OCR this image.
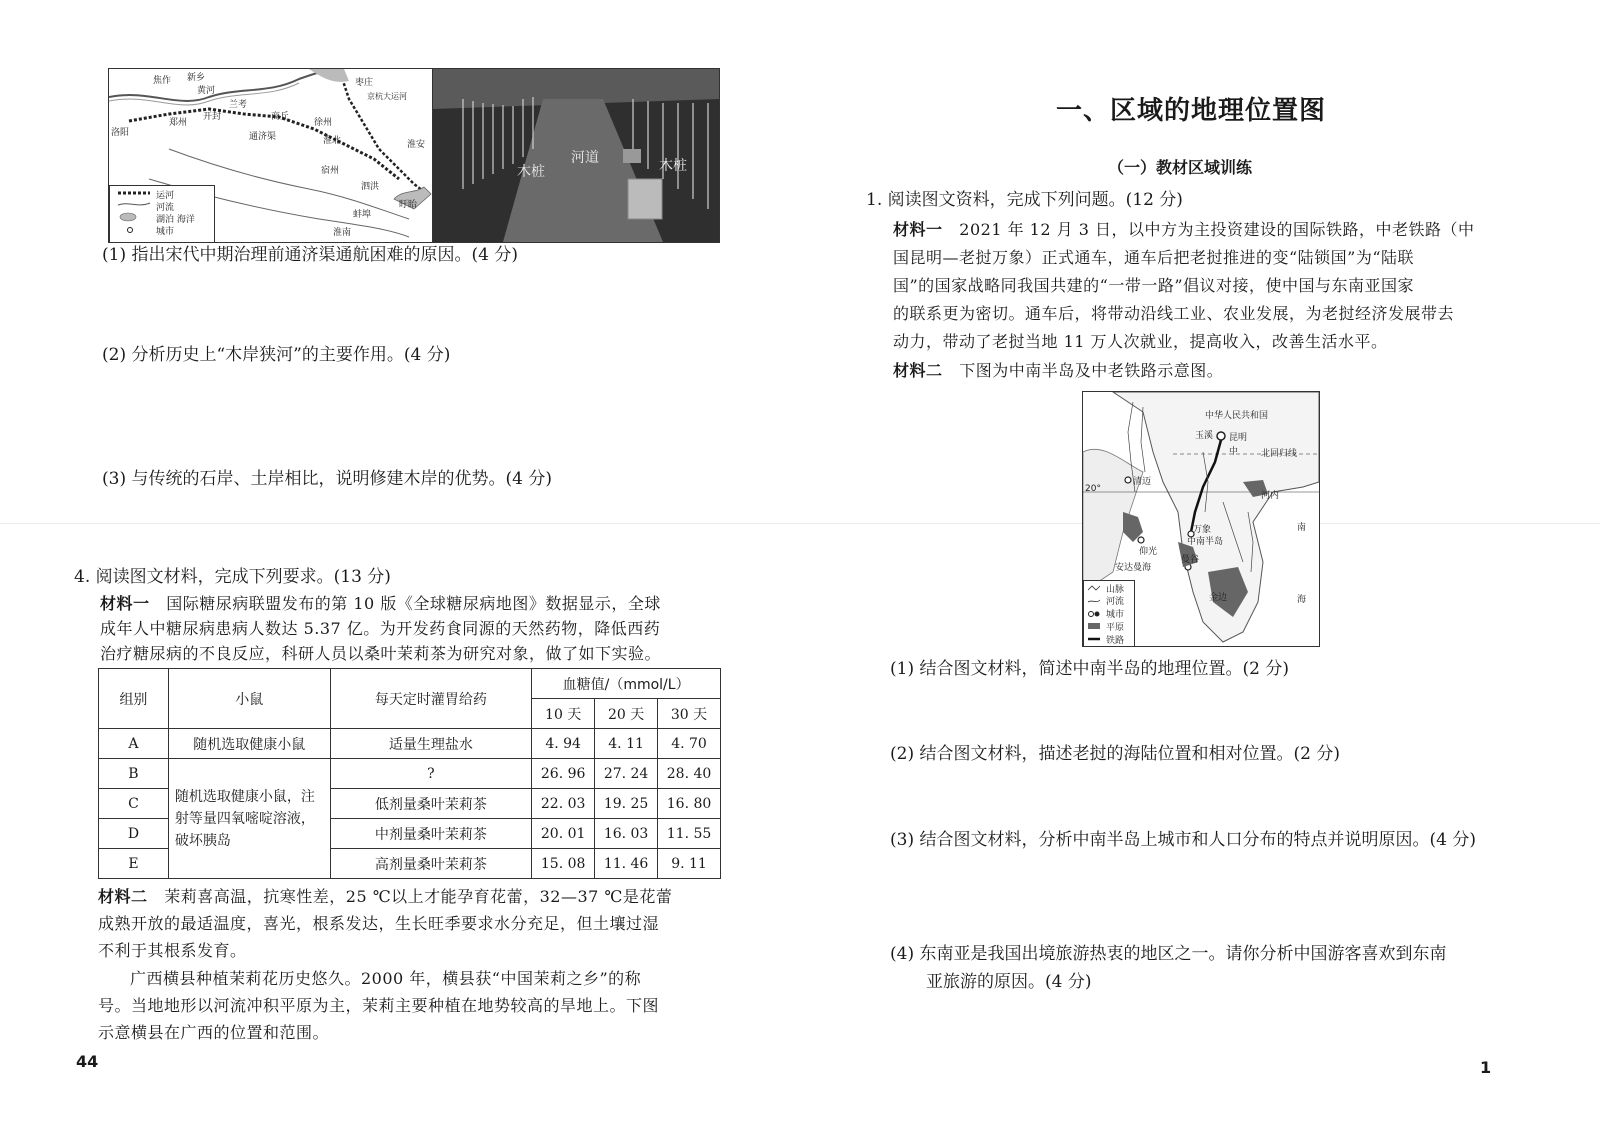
焦作 新乡
黄河
兰考
开封	商丘
徐州
郑州
洛阳
淮北
宿州
通济渠
京杭大运河
枣庄
淮安
泗洪
盱眙
蚌埠
淮南
运河
河流
湖泊 海洋
城市
木桩
河道	木桩
(1) 指出宋代中期治理前通济渠通航困难的原因。(4 分)
(2) 分析历史上“木岸狭河”的主要作用。(4 分)
(3) 与传统的石岸、土岸相比，说明修建木岸的优势。(4 分)
4. 阅读图文材料，完成下列要求。(13 分)
材料一 国际糖尿病联盟发布的第 10 版《全球糖尿病地图》数据显示，全球
成年人中糖尿病患病人数达 5.37 亿。为开发药食同源的天然药物，降低西药
治疗糖尿病的不良反应，科研人员以桑叶茉莉茶为研究对象，做了如下实验。
组别	小鼠	每天定时灌胃给药	血糖值/（mmol/L）		
			10 天	20 天	30 天
A	随机选取健康小鼠	适量生理盐水	4. 94	4. 11	4. 70
B	随机选取健康小鼠，注射等量四氧嘧啶溶液，破坏胰岛	?	26. 96	27. 24	28. 40
C		低剂量桑叶茉莉茶	22. 03	19. 25	16. 80
D		中剂量桑叶茉莉茶	20. 01	16. 03	11. 55
E		高剂量桑叶茉莉茶	15. 08	11. 46	9. 11
材料二 茉莉喜高温，抗寒性差，25 ℃以上才能孕育花蕾，32—37 ℃是花蕾
成熟开放的最适温度，喜光，根系发达，生长旺季要求水分充足，但土壤过湿
不利于其根系发育。
广西横县种植茉莉花历史悠久。2000 年，横县获“中国茉莉之乡”的称
号。当地地形以河流冲积平原为主，茉莉主要种植在地势较高的旱地上。下图
示意横县在广西的位置和范围。
44
一、区域的地理位置图
（一）教材区域训练
1. 阅读图文资料，完成下列问题。(12 分)
材料一 2021 年 12 月 3 日，以中方为主投资建设的国际铁路，中老铁路（中
国昆明—老挝万象）正式通车，通车后把老挝推进的变“陆锁国”为“陆联
国”的国家战略同我国共建的“一带一路”倡议对接，使中国与东南亚国家
的联系更为密切。通车后，将带动沿线工业、农业发展，为老挝经济发展带去
动力，带动了老挝当地 11 万人次就业，提高收入，改善生活水平。
材料二 下图为中南半岛及中老铁路示意图。
中华人民共和国
玉溪 昆明
北回归线
中
20°
河内
清迈
曼谷
万象	南
中南半岛
安达曼海
仰光
海
金边
山脉
河流
城市
平原
铁路
(1) 结合图文材料，简述中南半岛的地理位置。(2 分)
(2) 结合图文材料，描述老挝的海陆位置和相对位置。(2 分)
(3) 结合图文材料，分析中南半岛上城市和人口分布的特点并说明原因。(4 分)
(4) 东南亚是我国出境旅游热衷的地区之一。请你分析中国游客喜欢到东南
亚旅游的原因。(4 分)
1
